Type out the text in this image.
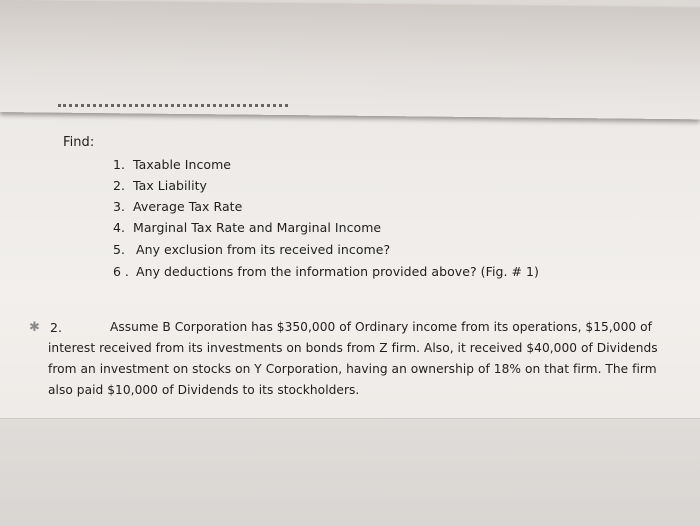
Find:
1. Taxable Income
2. Tax Liability
3. Average Tax Rate
4. Marginal Tax Rate and Marginal Income
5. Any exclusion from its received income?
6 . Any deductions from the information provided above? (Fig. # 1)
✱ 2.	Assume B Corporation has $350,000 of Ordinary income from its operations, $15,000 of
interest received from its investments on bonds from Z firm. Also, it received $40,000 of Dividends
from an investment on stocks on Y Corporation, having an ownership of 18% on that firm. The firm
also paid $10,000 of Dividends to its stockholders.
